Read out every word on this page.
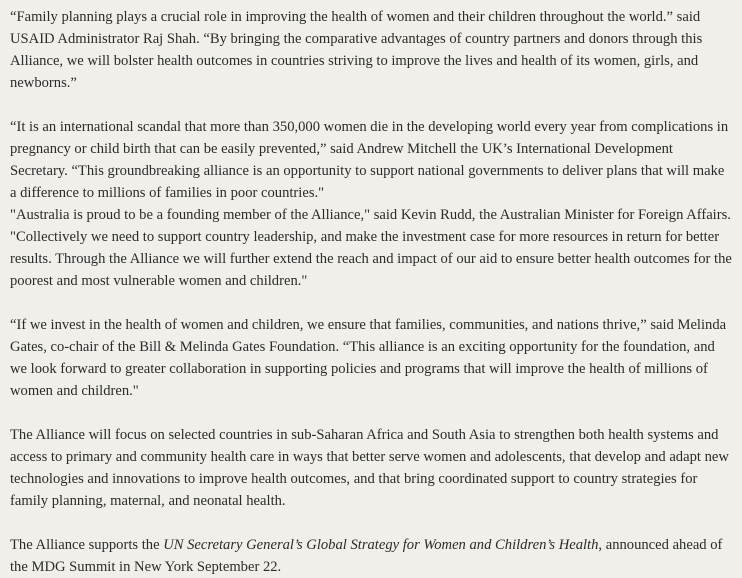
“Family planning plays a crucial role in improving the health of women and their children throughout the world.” said USAID Administrator Raj Shah. “By bringing the comparative advantages of country partners and donors through this Alliance, we will bolster health outcomes in countries striving to improve the lives and health of its women, girls, and newborns.”

“It is an international scandal that more than 350,000 women die in the developing world every year from complications in pregnancy or child birth that can be easily prevented,” said Andrew Mitchell the UK’s International Development Secretary. “This groundbreaking alliance is an opportunity to support national governments to deliver plans that will make a difference to millions of families in poor countries."

"Australia is proud to be a founding member of the Alliance," said Kevin Rudd, the Australian Minister for Foreign Affairs. "Collectively we need to support country leadership, and make the investment case for more resources in return for better results. Through the Alliance we will further extend the reach and impact of our aid to ensure better health outcomes for the poorest and most vulnerable women and children."

“If we invest in the health of women and children, we ensure that families, communities, and nations thrive,” said Melinda Gates, co-chair of the Bill & Melinda Gates Foundation. “This alliance is an exciting opportunity for the foundation, and we look forward to greater collaboration in supporting policies and programs that will improve the health of millions of women and children."

The Alliance will focus on selected countries in sub-Saharan Africa and South Asia to strengthen both health systems and access to primary and community health care in ways that better serve women and adolescents, that develop and adapt new technologies and innovations to improve health outcomes, and that bring coordinated support to country strategies for family planning, maternal, and neonatal health.

The Alliance supports the UN Secretary General’s Global Strategy for Women and Children’s Health, announced ahead of the MDG Summit in New York September 22.
